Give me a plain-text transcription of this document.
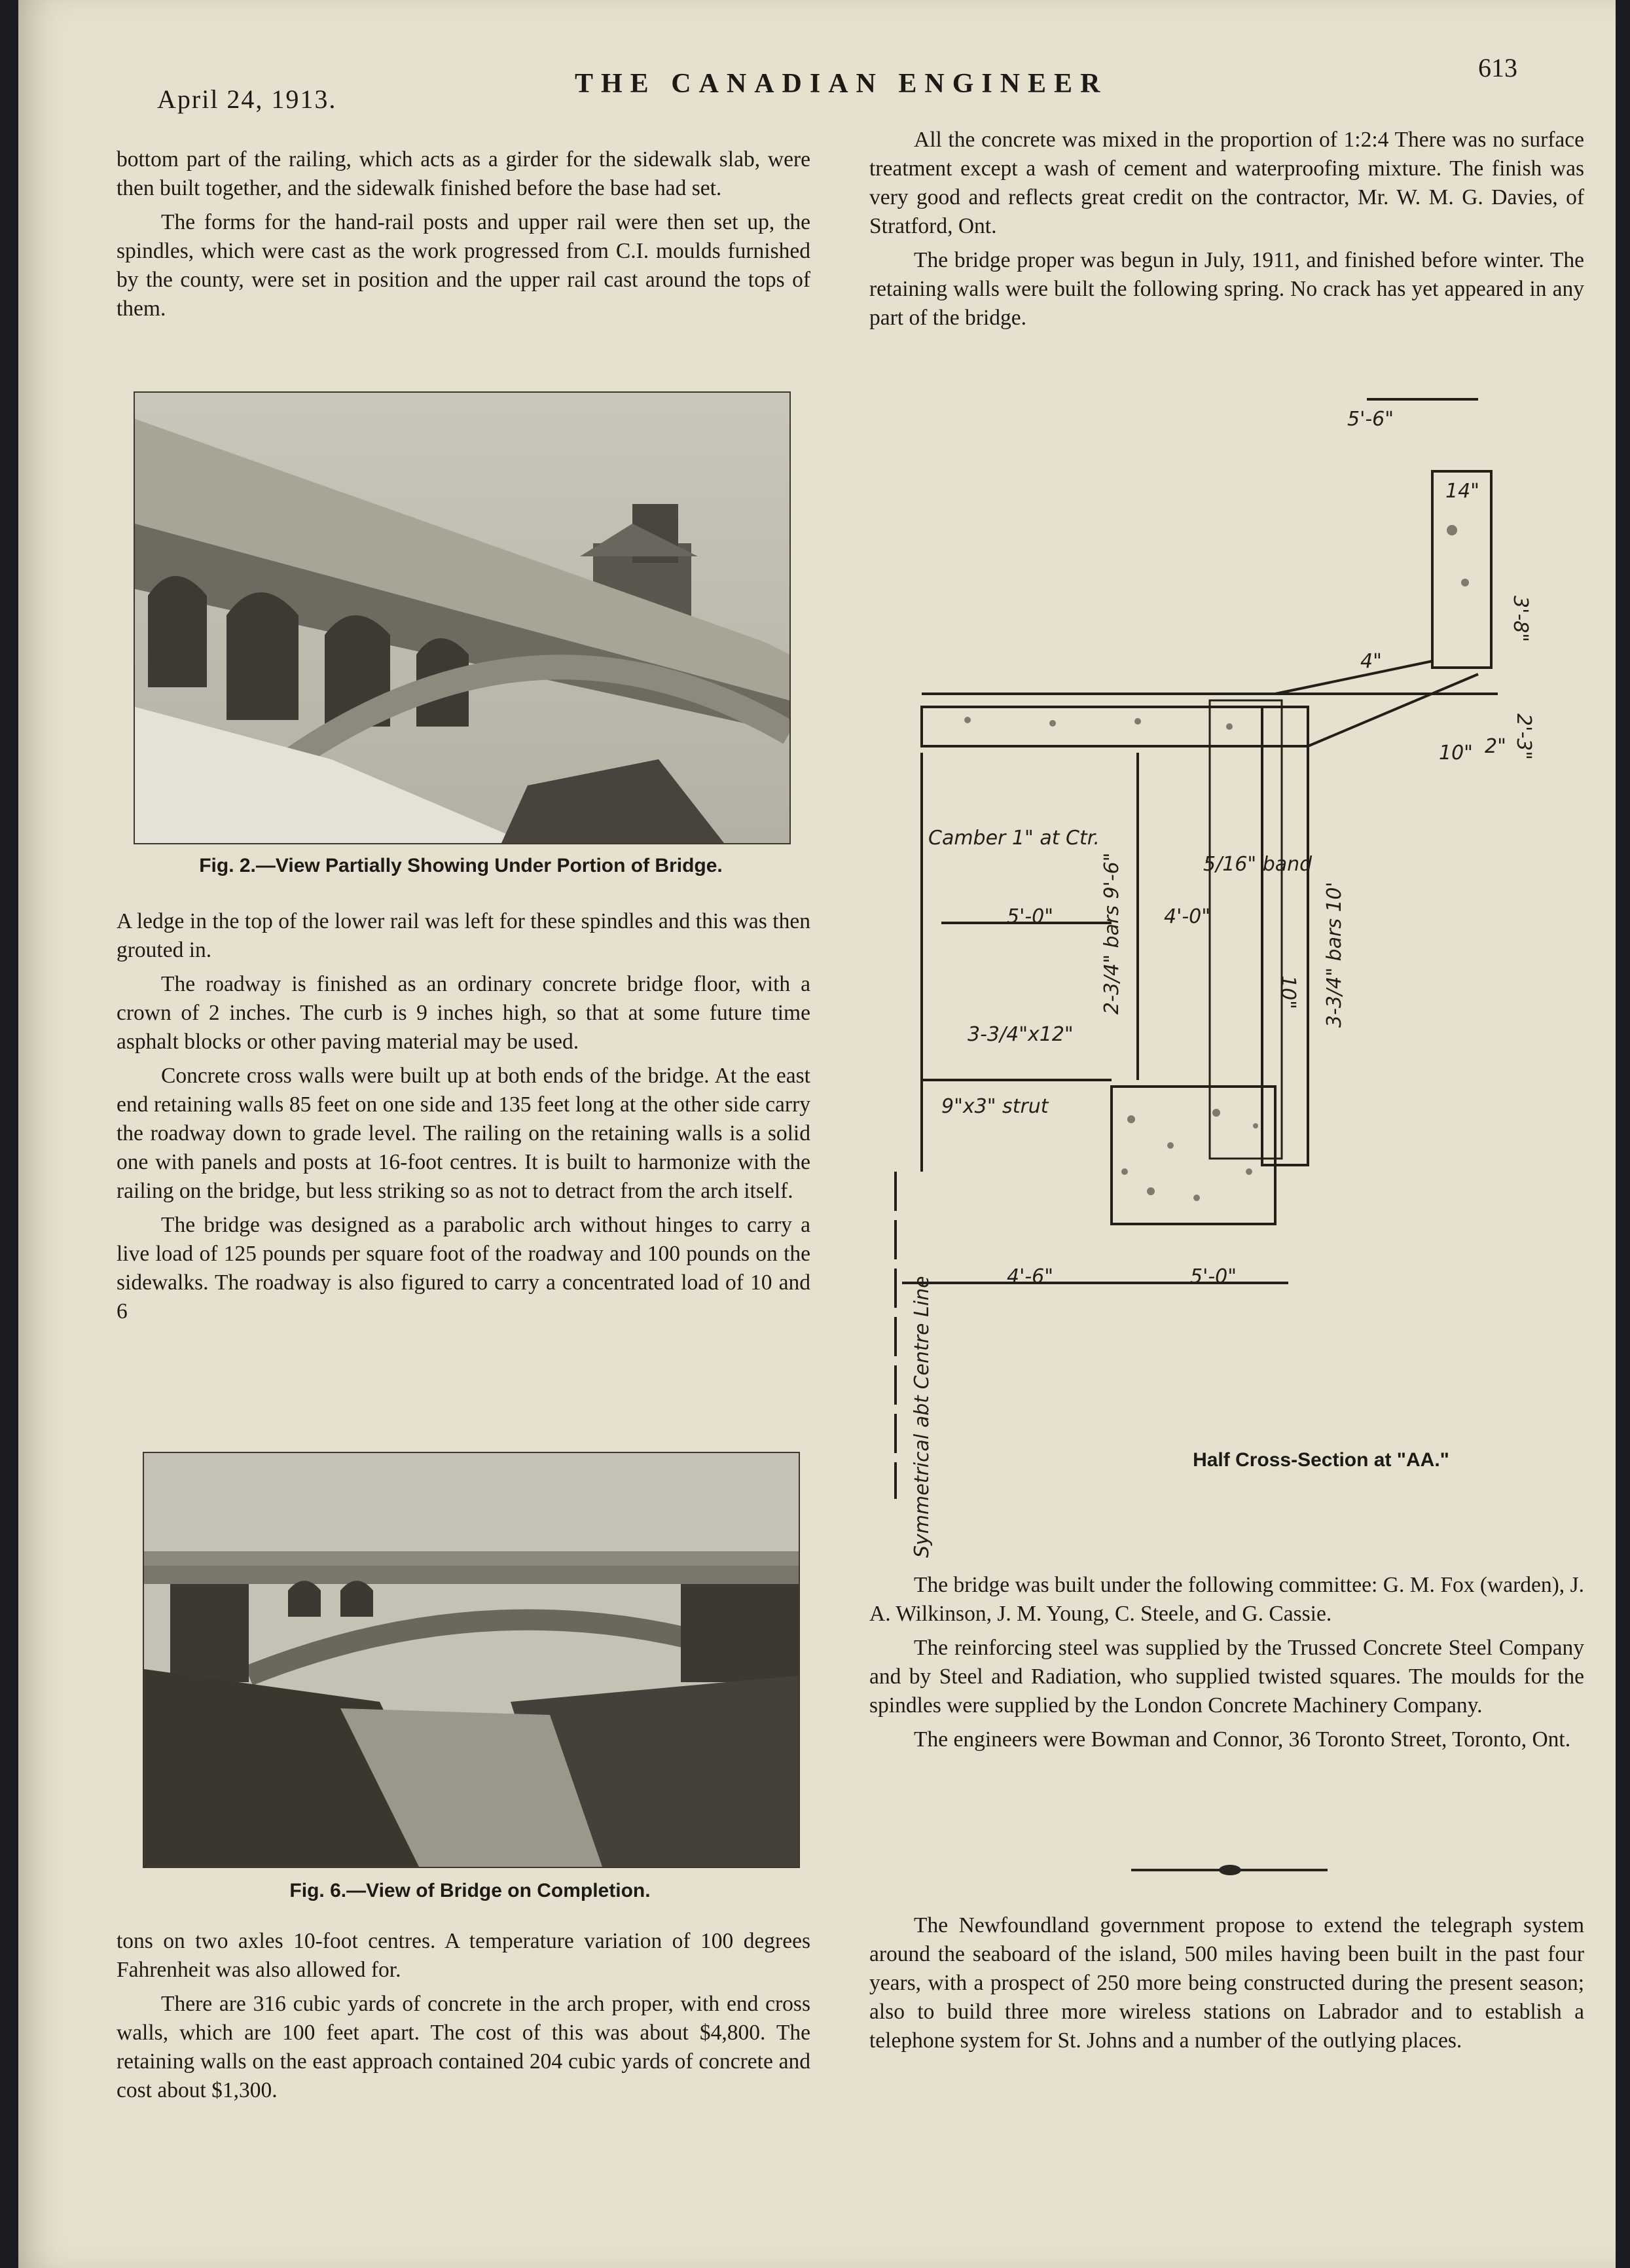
April 24, 1913.
THE CANADIAN ENGINEER
613

bottom part of the railing, which acts as a girder for the sidewalk slab, were then built together, and the sidewalk finished before the base had set.

The forms for the hand-rail posts and upper rail were then set up, the spindles, which were cast as the work progressed from C.I. moulds furnished by the county, were set in position and the upper rail cast around the tops of them.

Fig. 2.—View Partially Showing Under Portion of Bridge.

A ledge in the top of the lower rail was left for these spindles and this was then grouted in.

The roadway is finished as an ordinary concrete bridge floor, with a crown of 2 inches. The curb is 9 inches high, so that at some future time asphalt blocks or other paving material may be used.

Concrete cross walls were built up at both ends of the bridge. At the east end retaining walls 85 feet on one side and 135 feet long at the other side carry the roadway down to grade level. The railing on the retaining walls is a solid one with panels and posts at 16-foot centres. It is built to harmonize with the railing on the bridge, but less striking so as not to detract from the arch itself.

The bridge was designed as a parabolic arch without hinges to carry a live load of 125 pounds per square foot of the roadway and 100 pounds on the sidewalks. The roadway is also figured to carry a concentrated load of 10 and 6

Fig. 6.—View of Bridge on Completion.

tons on two axles 10-foot centres. A temperature variation of 100 degrees Fahrenheit was also allowed for.

There are 316 cubic yards of concrete in the arch proper, with end cross walls, which are 100 feet apart. The cost of this was about $4,800. The retaining walls on the east approach contained 204 cubic yards of concrete and cost about $1,300.

All the concrete was mixed in the proportion of 1:2:4 There was no surface treatment except a wash of cement and waterproofing mixture. The finish was very good and reflects great credit on the contractor, Mr. W. M. G. Davies, of Stratford, Ont.

The bridge proper was begun in July, 1911, and finished before winter. The retaining walls were built the following spring. No crack has yet appeared in any part of the bridge.

5'-6"
14"
3'-8"
4"
2'-3"
10" 2"
Camber 1" at Ctr.
5/16" band
5'-0"	4'-0"
2-3/4" bars 9'-6"	3-3/4" bars 10'
10"
3-3/4"x12"
9"x3" strut
4'-6"	5'-0"
Symmetrical abt Centre Line	Half Cross-Section at "AA."

The bridge was built under the following committee: G. M. Fox (warden), J. A. Wilkinson, J. M. Young, C. Steele, and G. Cassie.

The reinforcing steel was supplied by the Trussed Concrete Steel Company and by Steel and Radiation, who supplied twisted squares. The moulds for the spindles were supplied by the London Concrete Machinery Company.

The engineers were Bowman and Connor, 36 Toronto Street, Toronto, Ont.

The Newfoundland government propose to extend the telegraph system around the seaboard of the island, 500 miles having been built in the past four years, with a prospect of 250 more being constructed during the present season; also to build three more wireless stations on Labrador and to establish a telephone system for St. Johns and a number of the outlying places.
